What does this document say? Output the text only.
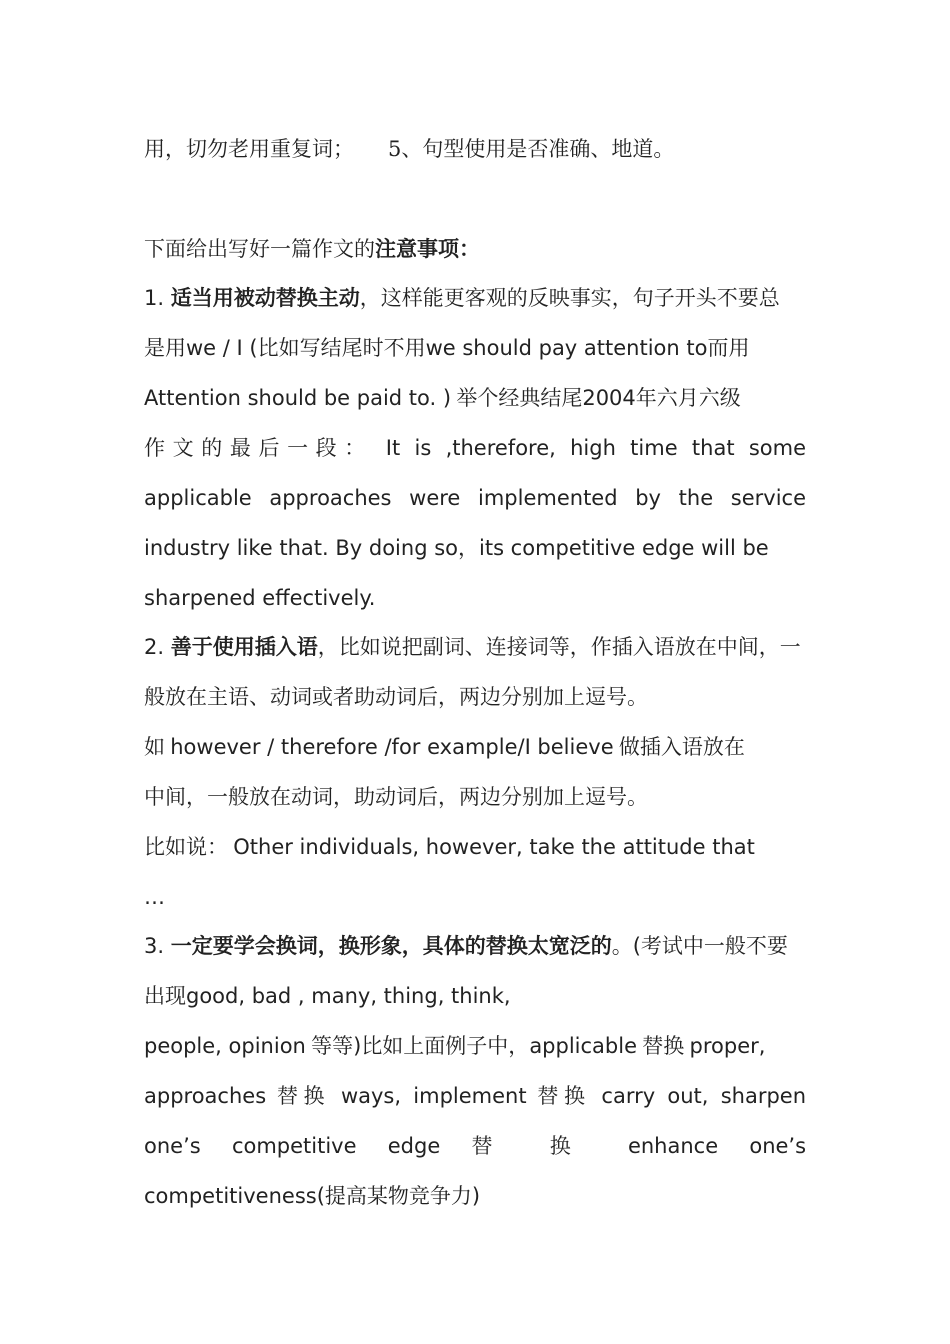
用，切勿老用重复词； 5、句型使用是否准确、地道。
下面给出写好一篇作文的注意事项：
1. 适当用被动替换主动，这样能更客观的反映事实，句子开头不要总
是用we / I (比如写结尾时不用we should pay attention to而用
Attention should be paid to. ) 举个经典结尾2004年六月六级
作文的最后一段： It is ,therefore, high time that some
applicable approaches were implemented by the service
industry like that. By doing so，its competitive edge will be
sharpened effectively.
2. 善于使用插入语，比如说把副词、连接词等，作插入语放在中间，一
般放在主语、动词或者助动词后，两边分别加上逗号。
如 however / therefore /for example/I believe 做插入语放在
中间，一般放在动词，助动词后，两边分别加上逗号。
比如说： Other individuals, however, take the attitude that
…
3. 一定要学会换词，换形象，具体的替换太宽泛的。(考试中一般不要
出现good, bad , many, thing, think,
people, opinion 等等)比如上面例子中，applicable 替换 proper,
approaches 替换 ways, implement 替换 carry out, sharpen
one’s competitive edge 替 换 enhance one’s
competitiveness(提高某物竞争力)
